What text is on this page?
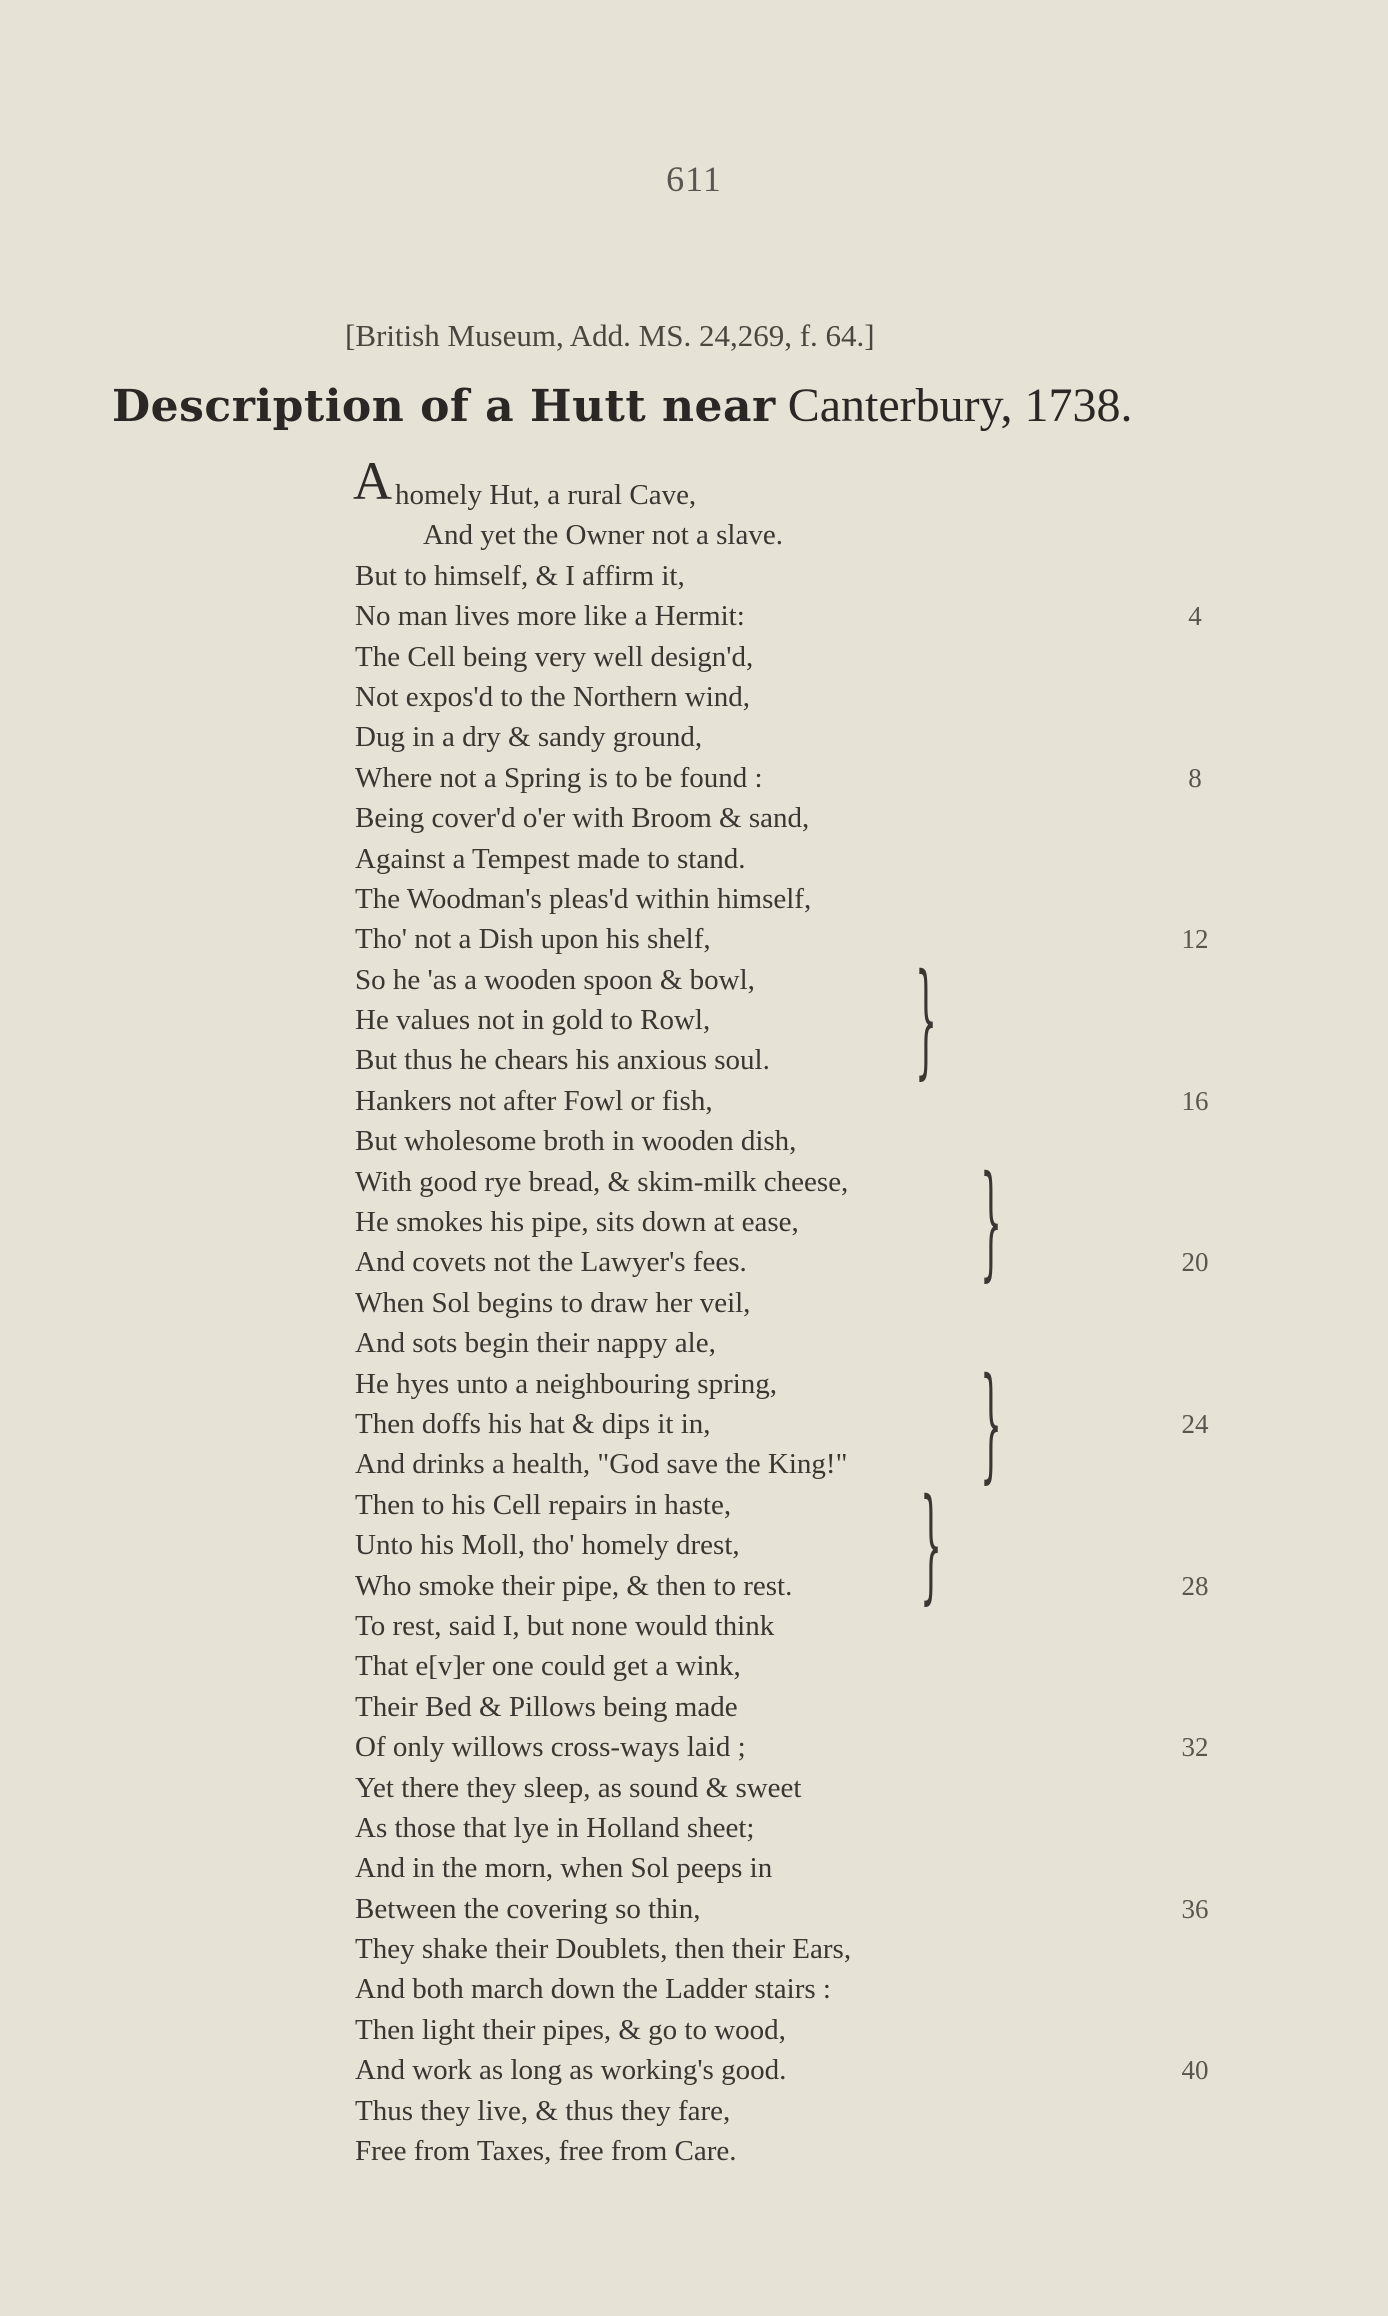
611
[British Museum, Add. MS. 24,269, f. 64.]
Description of a Hutt near Canterbury, 1738.
A homely Hut, a rural Cave,
And yet the Owner not a slave.
But to himself, & I affirm it,
No man lives more like a Hermit:	4
The Cell being very well design'd,
Not expos'd to the Northern wind,
Dug in a dry & sandy ground,
Where not a Spring is to be found :	8
Being cover'd o'er with Broom & sand,
Against a Tempest made to stand.
The Woodman's pleas'd within himself,
Tho' not a Dish upon his shelf,	12
So he 'as a wooden spoon & bowl,
He values not in gold to Rowl,
But thus he chears his anxious soul.
Hankers not after Fowl or fish,	16
But wholesome broth in wooden dish,
With good rye bread, & skim-milk cheese,
He smokes his pipe, sits down at ease,
And covets not the Lawyer's fees.	20
When Sol begins to draw her veil,
And sots begin their nappy ale,
He hyes unto a neighbouring spring,
Then doffs his hat & dips it in,	24
And drinks a health, "God save the King!"
Then to his Cell repairs in haste,
Unto his Moll, tho' homely drest,
Who smoke their pipe, & then to rest.	28
To rest, said I, but none would think
That e[v]er one could get a wink,
Their Bed & Pillows being made
Of only willows cross-ways laid ;	32
Yet there they sleep, as sound & sweet
As those that lye in Holland sheet;
And in the morn, when Sol peeps in
Between the covering so thin,	36
They shake their Doublets, then their Ears,
And both march down the Ladder stairs :
Then light their pipes, & go to wood,
And work as long as working's good.	40
Thus they live, & thus they fare,
Free from Taxes, free from Care.
}
}
}
}
